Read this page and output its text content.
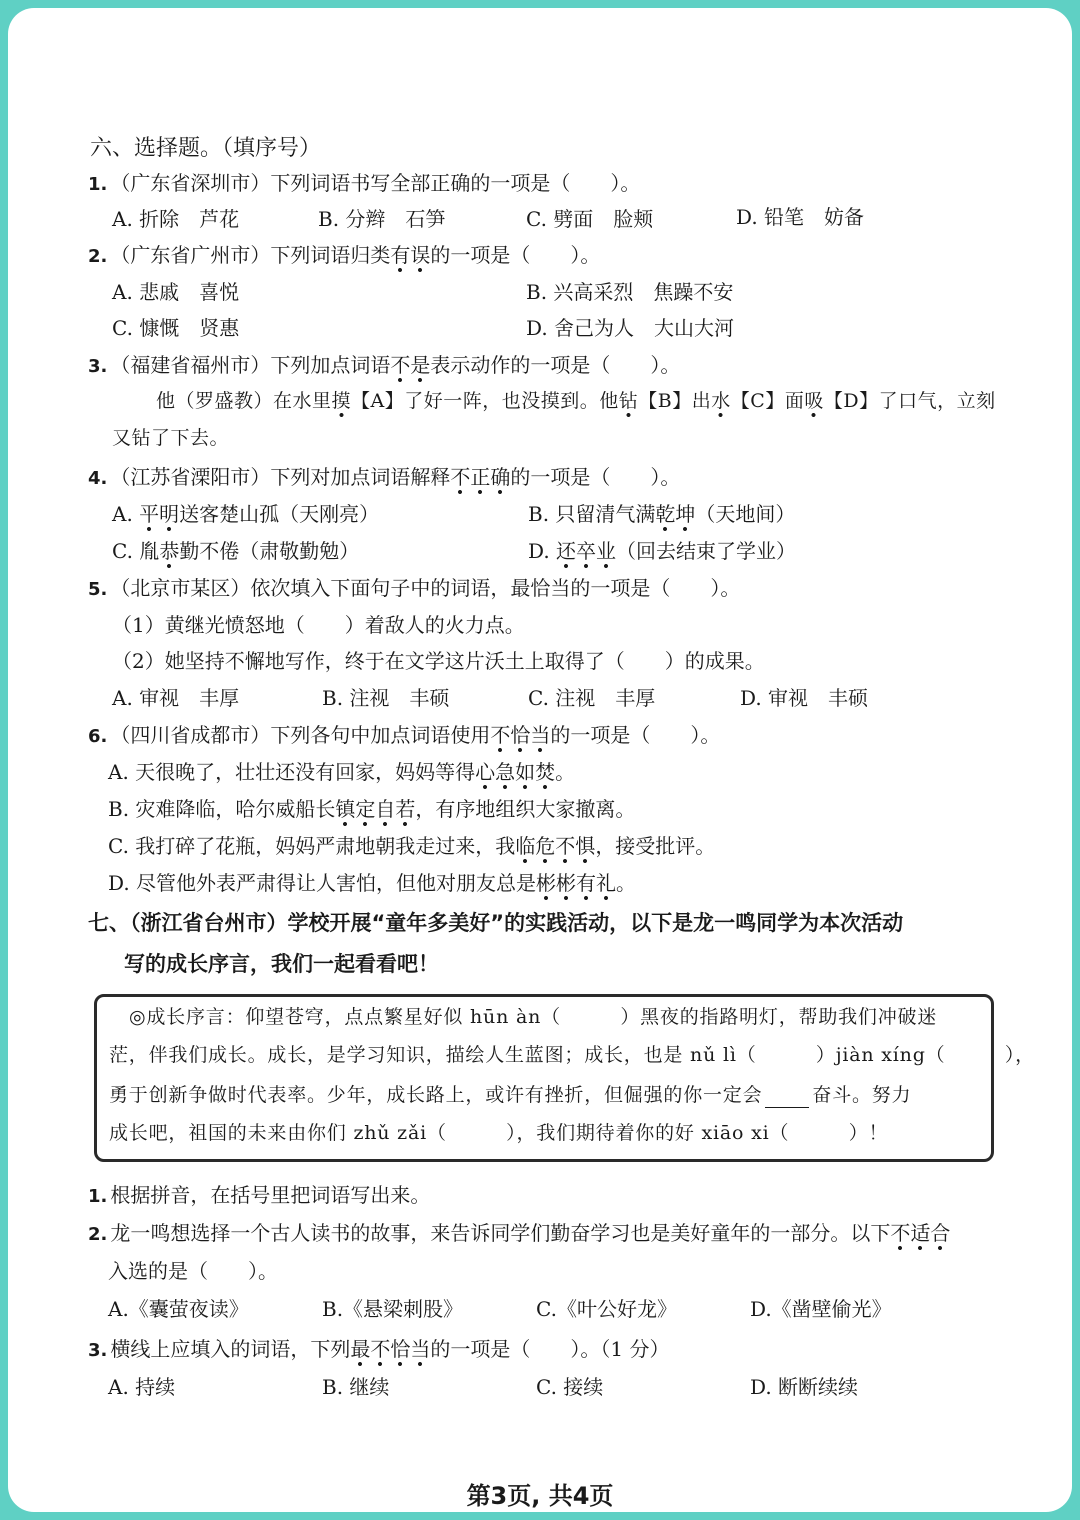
六、选择题。（填序号）
1. （广东省深圳市）下列词语书写全部正确的一项是（　　）。
A. 折除　芦花	B. 分辫　石笋	C. 劈面　脸颊	D. 铅笔　妨备
2. （广东省广州市）下列词语归类有误的一项是（　　）。
A. 悲戚　喜悦	B. 兴高采烈　焦躁不安
C. 慷慨　贤惠	D. 舍己为人　大山大河
3. （福建省福州市）下列加点词语不是表示动作的一项是（　　）。
他（罗盛教）在水里摸【A】了好一阵，也没摸到。他钻【B】出水【C】面吸【D】了口气，立刻
又钻了下去。
4. （江苏省溧阳市）下列对加点词语解释不正确的一项是（　　）。
A. 平明送客楚山孤（天刚亮）	B. 只留清气满乾坤（天地间）
C. 胤恭勤不倦（肃敬勤勉）	D. 还卒业（回去结束了学业）
5. （北京市某区）依次填入下面句子中的词语，最恰当的一项是（　　）。
（1）黄继光愤怒地（　　）着敌人的火力点。
（2）她坚持不懈地写作，终于在文学这片沃土上取得了（　　）的成果。
A. 审视　丰厚	B. 注视　丰硕	C. 注视　丰厚	D. 审视　丰硕
6. （四川省成都市）下列各句中加点词语使用不恰当的一项是（　　）。
A. 天很晚了，壮壮还没有回家，妈妈等得心急如焚。
B. 灾难降临，哈尔威船长镇定自若，有序地组织大家撤离。
C. 我打碎了花瓶，妈妈严肃地朝我走过来，我临危不惧，接受批评。
D. 尽管他外表严肃得让人害怕，但他对朋友总是彬彬有礼。
七、（浙江省台州市）学校开展“童年多美好”的实践活动，以下是龙一鸣同学为本次活动
写的成长序言，我们一起看看吧！
◎成长序言：仰望苍穹，点点繁星好似 hūn àn（　　　）黑夜的指路明灯，帮助我们冲破迷
茫，伴我们成长。成长，是学习知识，描绘人生蓝图；成长，也是 nǔ lì（　　　）jiàn xíng（　　　），
勇于创新争做时代表率。少年，成长路上，或许有挫折，但倔强的你一定会	奋斗。努力
成长吧，祖国的未来由你们 zhǔ zǎi（　　　），我们期待着你的好 xiāo xi（　　　）！
1. 根据拼音，在括号里把词语写出来。
2. 龙一鸣想选择一个古人读书的故事，来告诉同学们勤奋学习也是美好童年的一部分。以下不适合
入选的是（　　）。
A.《囊萤夜读》	B.《悬梁刺股》	C.《叶公好龙》	D.《凿壁偷光》
3. 横线上应填入的词语，下列最不恰当的一项是（　　）。（1 分）
A. 持续	B. 继续	C. 接续	D. 断断续续
第3页, 共4页
